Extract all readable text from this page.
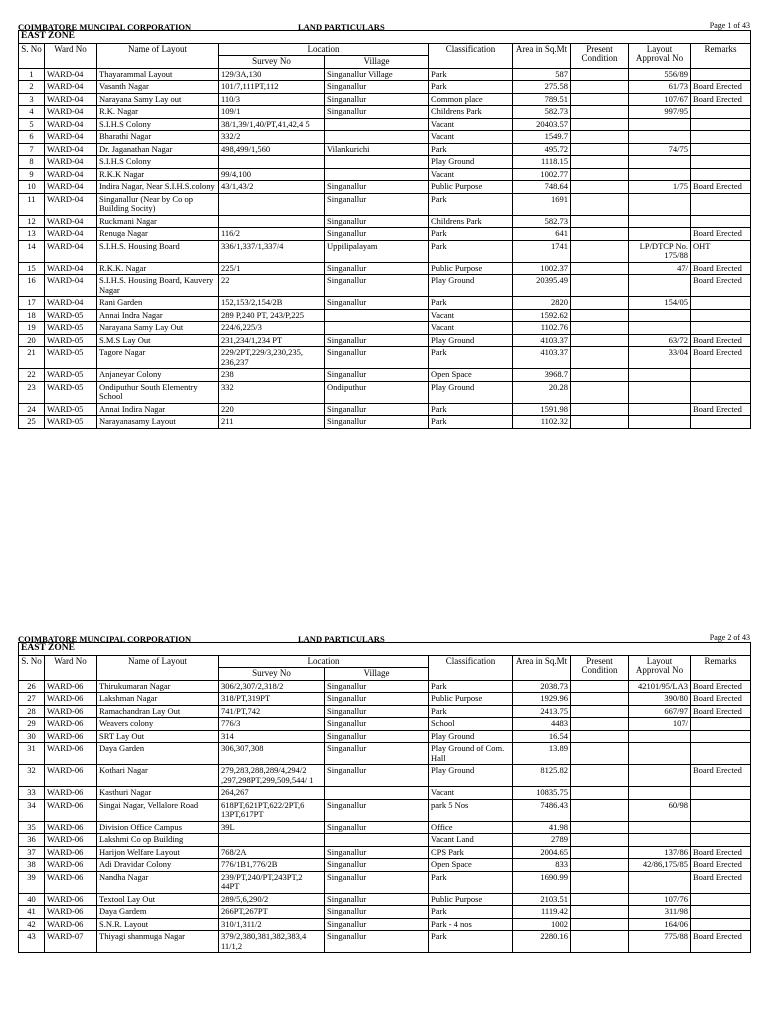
COIMBATORE MUNCIPAL CORPORATION	LAND PARTICULARS	Page 1 of 43
EAST ZONE									
S. No	Ward No	Name of Layout	Location		Classification	Area in Sq.Mt	Present Condition	Layout Approval No	Remarks
			Survey No	Village					
1	WARD-04	Thayarammal Layout	129/3A,130	Singanallur Village	Park	587		556/89	
2	WARD-04	Vasanth Nagar	101/7,111PT,112	Singanallur	Park	275.58		61/73	Board Erected
3	WARD-04	Narayana Samy Lay out	110/3	Singanallur	Common place	789.51		107/67	Board Erected
4	WARD-04	R.K. Nagar	109/1	Singanallur	Childrens Park	582.73		997/95	
5	WARD-04	S.I.H.S Colony	38/1,39/1,40/PT,41,42,4 5		Vacant	20403.57			
6	WARD-04	Bharathi Nagar	332/2		Vacant	1549.7			
7	WARD-04	Dr. Jaganathan Nagar	498,499/1,560	Vilankurichi	Park	495.72		74/75	
8	WARD-04	S.I.H.S Colony			Play Ground	1118.15			
9	WARD-04	R.K.K Nagar	99/4,100		Vacant	1002.77			
10	WARD-04	Indira Nagar, Near S.I.H.S.colony	43/1,43/2	Singanallur	Public Purpose	748.64		1/75	Board Erected
11	WARD-04	Singanallur (Near by Co op Building Socity)		Singanallur	Park	1691			
12	WARD-04	Ruckmani Nagar		Singanallur	Childrens Park	582.73			
13	WARD-04	Renuga Nagar	116/2	Singanallur	Park	641			Board Erected
14	WARD-04	S.I.H.S. Housing Board	336/1,337/1,337/4	Uppilipalayam	Park	1741		LP/DTCP No. 175/88	OHT
15	WARD-04	R.K.K. Nagar	225/1	Singanallur	Public Purpose	1002.37		47/	Board Erected
16	WARD-04	S.I.H.S. Housing Board, Kauvery Nagar	22	Singanallur	Play Ground	20395.49			Board Erected
17	WARD-04	Rani Garden	152,153/2,154/2B	Singanallur	Park	2820		154/05	
18	WARD-05	Annai Indra Nagar	289 P,240 PT, 243/P,225		Vacant	1592.62			
19	WARD-05	Narayana Samy Lay Out	224/6,225/3		Vacant	1102.76			
20	WARD-05	S.M.S Lay Out	231,234/1,234 PT	Singanallur	Play Ground	4103.37		63/72	Board Erected
21	WARD-05	Tagore Nagar	229/2PT,229/3,230,235, 236,237	Singanallur	Park	4103.37		33/04	Board Erected
22	WARD-05	Anjaneyar Colony	238	Singanallur	Open Space	3968.7			
23	WARD-05	Ondiputhur South Elementry School	332	Ondiputhur	Play Ground	20.28			
24	WARD-05	Annai Indira Nagar	220	Singanallur	Park	1591.98			Board Erected
25	WARD-05	Narayanasamy Layout	211	Singanallur	Park	1102.32			
COIMBATORE MUNCIPAL CORPORATION	LAND PARTICULARS	Page 2 of 43
EAST ZONE									
S. No	Ward No	Name of Layout	Location		Classification	Area in Sq.Mt	Present Condition	Layout Approval No	Remarks
			Survey No	Village					
26	WARD-06	Thirukumaran Nagar	306/2,307/2,318/2	Singanallur	Park	2038.73		42101/95/LA3	Board Erected
27	WARD-06	Lakshman Nagar	318/PT,319PT	Singanallur	Public Purpose	1929.96		390/80	Board Erected
28	WARD-06	Ramachandran Lay Out	741/PT,742	Singanallur	Park	2413.75		667/97	Board Erected
29	WARD-06	Weavers colony	776/3	Singanallur	School	4483		107/	
30	WARD-06	SRT Lay Out	314	Singanallur	Play Ground	16.54			
31	WARD-06	Daya Garden	306,307,308	Singanallur	Play Ground of Com. Hall	13.89			
32	WARD-06	Kothari Nagar	279,283,288,289/4,294/2 ,297,298PT,299,509,544/ 1	Singanallur	Play Ground	8125.82			Board Erected
33	WARD-06	Kasthuri Nagar	264,267		Vacant	10835.75			
34	WARD-06	Singai Nagar, Vellalore Road	618PT,621PT,622/2PT,6 13PT,617PT	Singanallur	park 5 Nos	7486.43		60/98	
35	WARD-06	Division Office Campus	39L	Singanallur	Office	41.98			
36	WARD-06	Lakshmi Co op Building			Vacant Land	2789			
37	WARD-06	Harijon Welfare Layout	768/2A	Singanallur	CPS Park	2004.65		137/86	Board Erected
38	WARD-06	Adi Dravidar Colony	776/1B1,776/2B	Singanallur	Open Space	833		42/86,175/85	Board Erected
39	WARD-06	Nandha Nagar	239/PT,240/PT,243PT,2 44PT	Singanallur	Park	1690.99			Board Erected
40	WARD-06	Textool Lay Out	289/5,6,290/2	Singanallur	Public Purpose	2103.51		107/76	
41	WARD-06	Daya Gardem	266PT,267PT	Singanallur	Park	1119.42		311/98	
42	WARD-06	S.N.R. Layout	310/1,311/2	Singanallur	Park - 4 nos	1002		164/06	
43	WARD-07	Thiyagi shanmuga Nagar	379/2,380,381,382,383,4 11/1,2	Singanallur	Park	2280.16		775/88	Board Erected
